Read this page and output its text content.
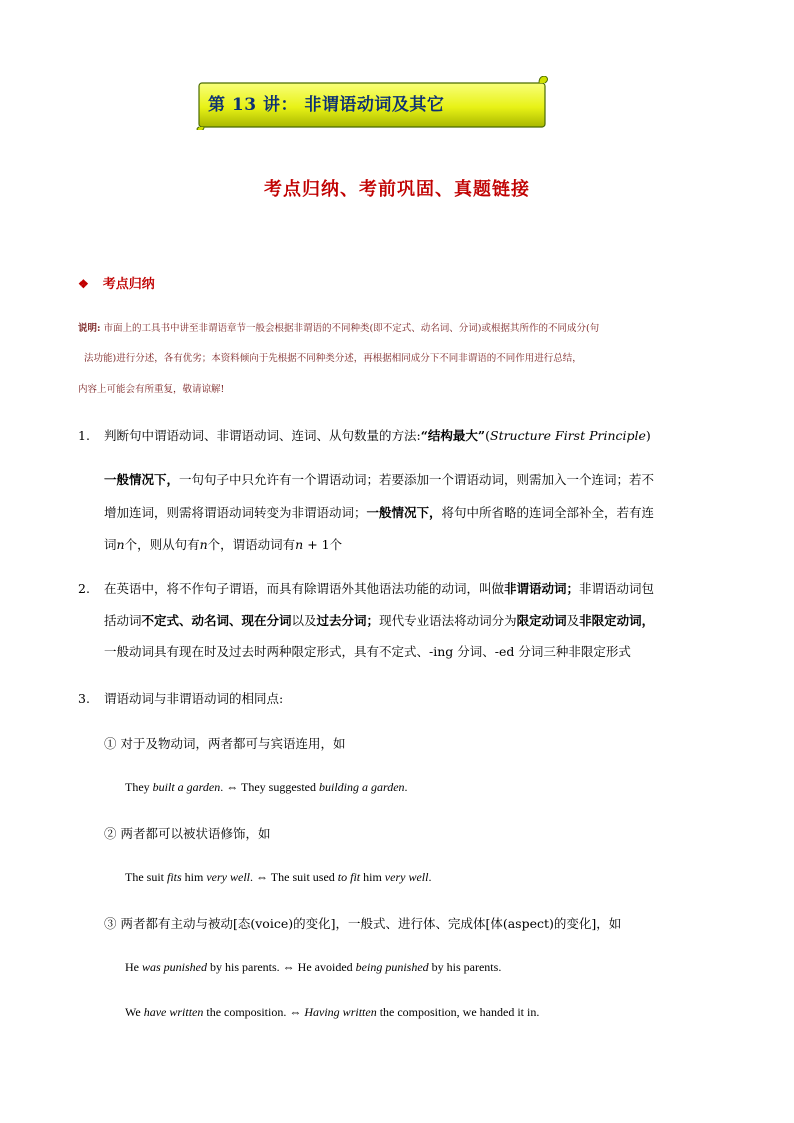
第 13 讲： 非谓语动词及其它
考点归纳、考前巩固、真题链接
❖ 考点归纳
说明: 市面上的工具书中讲至非谓语章节一般会根据非谓语的不同种类(即不定式、动名词、分词)或根据其所作的不同成分(句
法功能)进行分述，各有优劣；本资料倾向于先根据不同种类分述，再根据相同成分下不同非谓语的不同作用进行总结，
内容上可能会有所重复，敬请谅解!
1. 判断句中谓语动词、非谓语动词、连词、从句数量的方法:“结构最大”(Structure First Principle)
一般情况下，一句句子中只允许有一个谓语动词；若要添加一个谓语动词，则需加入一个连词；若不
增加连词，则需将谓语动词转变为非谓语动词；一般情况下，将句中所省略的连词全部补全，若有连
词n个，则从句有n个，谓语动词有n + 1个
2. 在英语中，将不作句子谓语，而具有除谓语外其他语法功能的动词，叫做非谓语动词；非谓语动词包
括动词不定式、动名词、现在分词以及过去分词；现代专业语法将动词分为限定动词及非限定动词，
一般动词具有现在时及过去时两种限定形式，具有不定式、-ing 分词、-ed 分词三种非限定形式
3. 谓语动词与非谓语动词的相同点:
① 对于及物动词，两者都可与宾语连用，如
They built a garden. ⇔ They suggested building a garden.
② 两者都可以被状语修饰，如
The suit fits him very well. ⇔ The suit used to fit him very well.
③ 两者都有主动与被动[态(voice)的变化]，一般式、进行体、完成体[体(aspect)的变化]，如
He was punished by his parents. ⇔ He avoided being punished by his parents.
We have written the composition. ⇔ Having written the composition, we handed it in.
